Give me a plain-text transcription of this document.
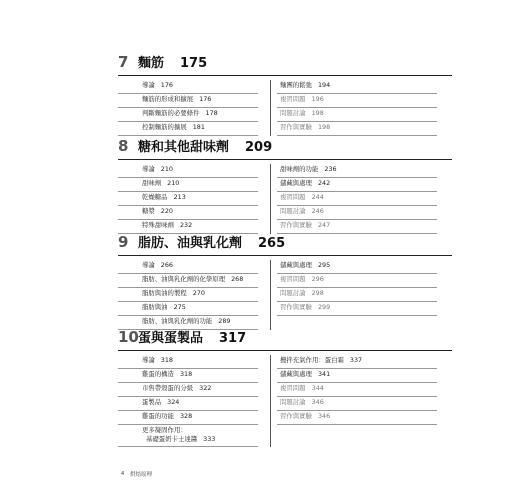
7 麵筋 175
導論 176
麵筋的形成和擴展 176
判斷麵筋的必要條件 178
控制麵筋的擴展 181
麵團的鬆弛 194
複習問題 196
問題討論 198
習作與實驗 198
8 糖和其他甜味劑 209
導論 210
甜味劑 210
乾燥糖品 213
糖漿 220
特殊甜味劑 232
甜味劑的功能 236
儲藏與處理 242
複習問題 244
問題討論 246
習作與實驗 247
9 脂肪、油與乳化劑 265
導論 266
脂肪、油與乳化劑的化學原理 268
脂肪與油的製程 270
脂肪與油 275
脂肪、油與乳化劑的功能 289
儲藏與處理 295
複習問題 296
問題討論 298
習作與實驗 299
10 蛋與蛋製品 317
導論 318
雞蛋的構造 318
市售帶殼蛋的分級 322
蛋製品 324
雞蛋的功能 328
更多凝固作用：
基礎蛋奶卡士達醬 333
攪拌充氣作用：蛋白霜 337
儲藏與處理 341
複習問題 344
問題討論 346
習作與實驗 346
4 烘焙原理
